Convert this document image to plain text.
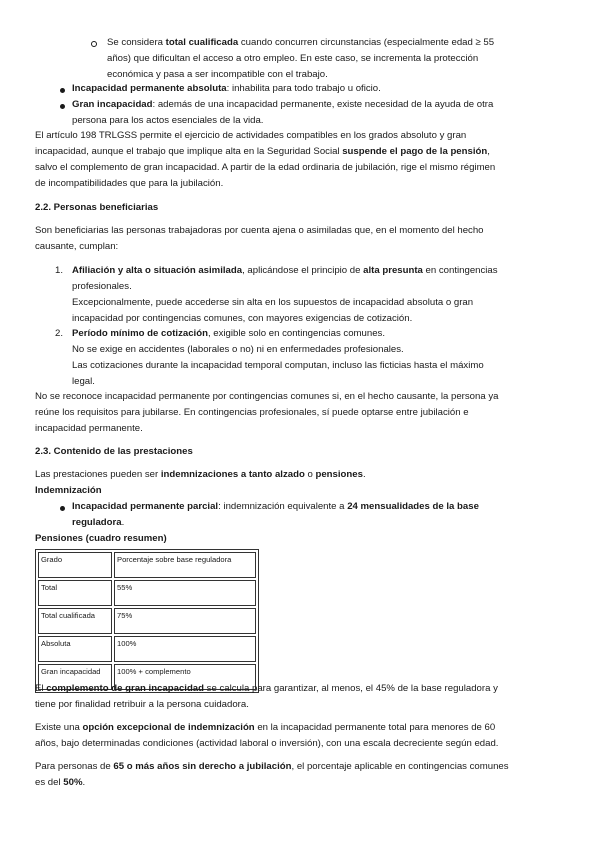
Se considera total cualificada cuando concurren circunstancias (especialmente edad ≥ 55

años) que dificultan el acceso a otro empleo. En este caso, se incrementa la protección

económica y pasa a ser incompatible con el trabajo.

Incapacidad permanente absoluta: inhabilita para todo trabajo u oficio.

Gran incapacidad: además de una incapacidad permanente, existe necesidad de la ayuda de otra

persona para los actos esenciales de la vida.

El artículo 198 TRLGSS permite el ejercicio de actividades compatibles en los grados absoluto y gran

incapacidad, aunque el trabajo que implique alta en la Seguridad Social suspende el pago de la pensión,

salvo el complemento de gran incapacidad. A partir de la edad ordinaria de jubilación, rige el mismo régimen

de incompatibilidades que para la jubilación.

2.2. Personas beneficiarias

Son beneficiarias las personas trabajadoras por cuenta ajena o asimiladas que, en el momento del hecho

causante, cumplan:

1. Afiliación y alta o situación asimilada, aplicándose el principio de alta presunta en contingencias

profesionales.

Excepcionalmente, puede accederse sin alta en los supuestos de incapacidad absoluta o gran

incapacidad por contingencias comunes, con mayores exigencias de cotización.

2. Período mínimo de cotización, exigible solo en contingencias comunes.

No se exige en accidentes (laborales o no) ni en enfermedades profesionales.

Las cotizaciones durante la incapacidad temporal computan, incluso las ficticias hasta el máximo

legal.

No se reconoce incapacidad permanente por contingencias comunes si, en el hecho causante, la persona ya

reúne los requisitos para jubilarse. En contingencias profesionales, sí puede optarse entre jubilación e

incapacidad permanente.

2.3. Contenido de las prestaciones

Las prestaciones pueden ser indemnizaciones a tanto alzado o pensiones.

Indemnización

Incapacidad permanente parcial: indemnización equivalente a 24 mensualidades de la base

reguladora.

Pensiones (cuadro resumen)
Grado	Porcentaje sobre base reguladora
Total	55%
Total cualificada	75%
Absoluta	100%
Gran incapacidad	100% + complemento

El complemento de gran incapacidad se calcula para garantizar, al menos, el 45% de la base reguladora y

tiene por finalidad retribuir a la persona cuidadora.

Existe una opción excepcional de indemnización en la incapacidad permanente total para menores de 60

años, bajo determinadas condiciones (actividad laboral o inversión), con una escala decreciente según edad.

Para personas de 65 o más años sin derecho a jubilación, el porcentaje aplicable en contingencias comunes

es del 50%.
